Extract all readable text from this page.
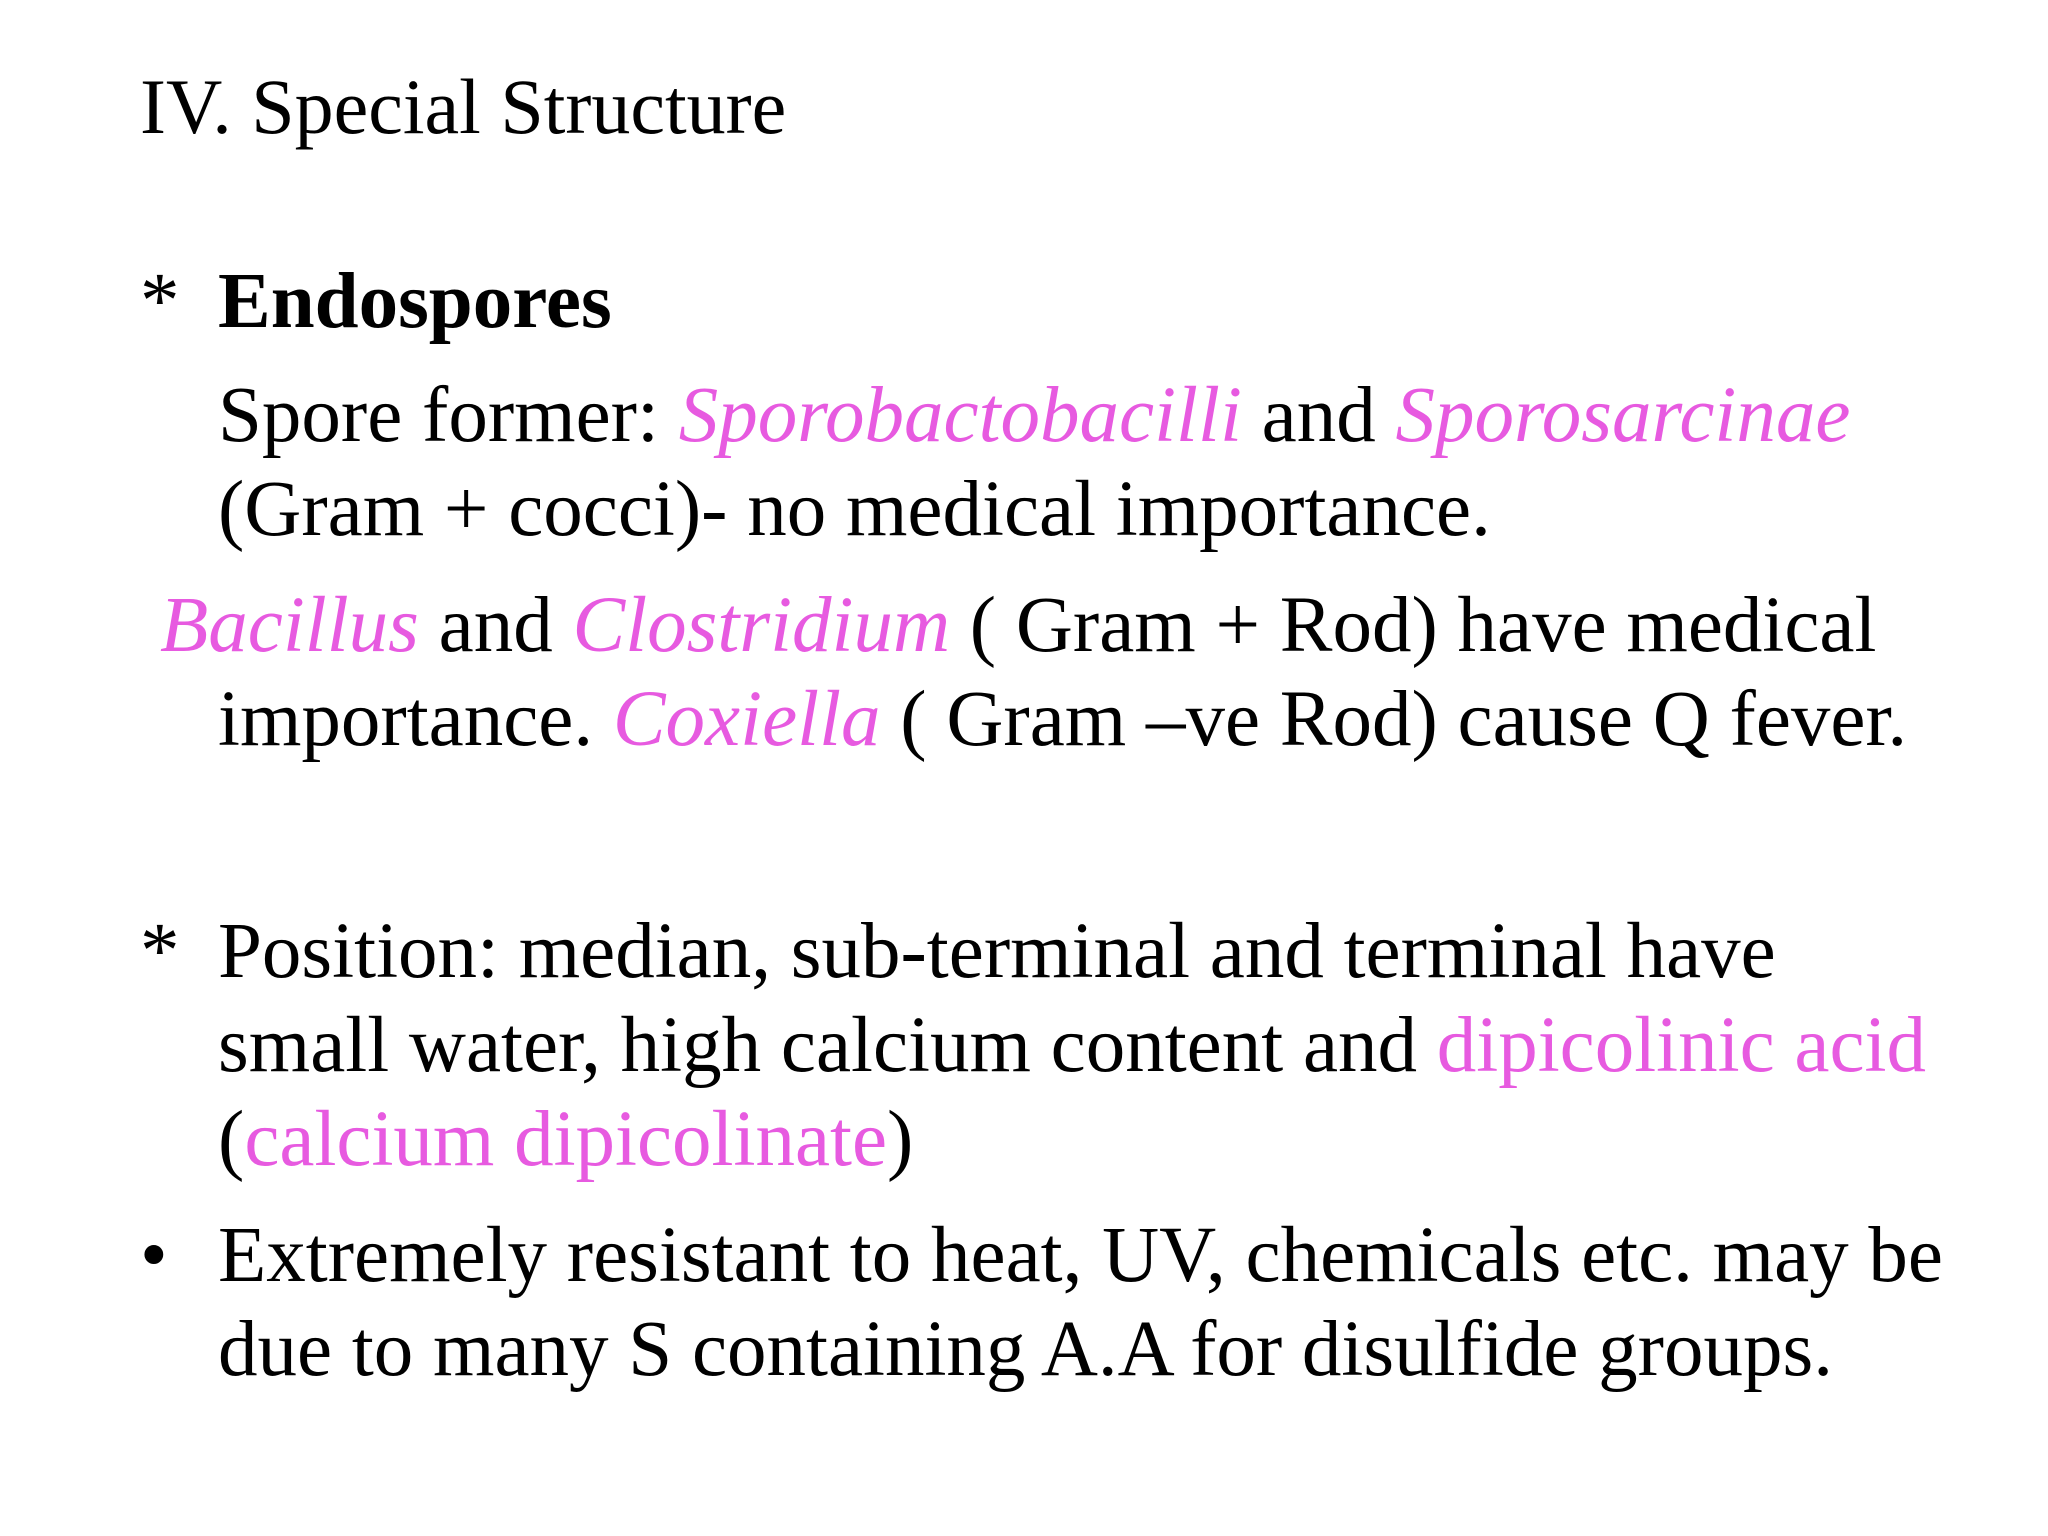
IV. Special Structure
* Endospores
Spore former: Sporobactobacilli and Sporosarcinae
(Gram + cocci)- no medical importance.
Bacillus and Clostridium ( Gram + Rod) have medical
importance. Coxiella ( Gram –ve Rod) cause Q fever.
* Position: median, sub-terminal and terminal have
small water, high calcium content and dipicolinic acid
(calcium dipicolinate)
• Extremely resistant to heat, UV, chemicals etc. may be
due to many S containing A.A for disulfide groups.
